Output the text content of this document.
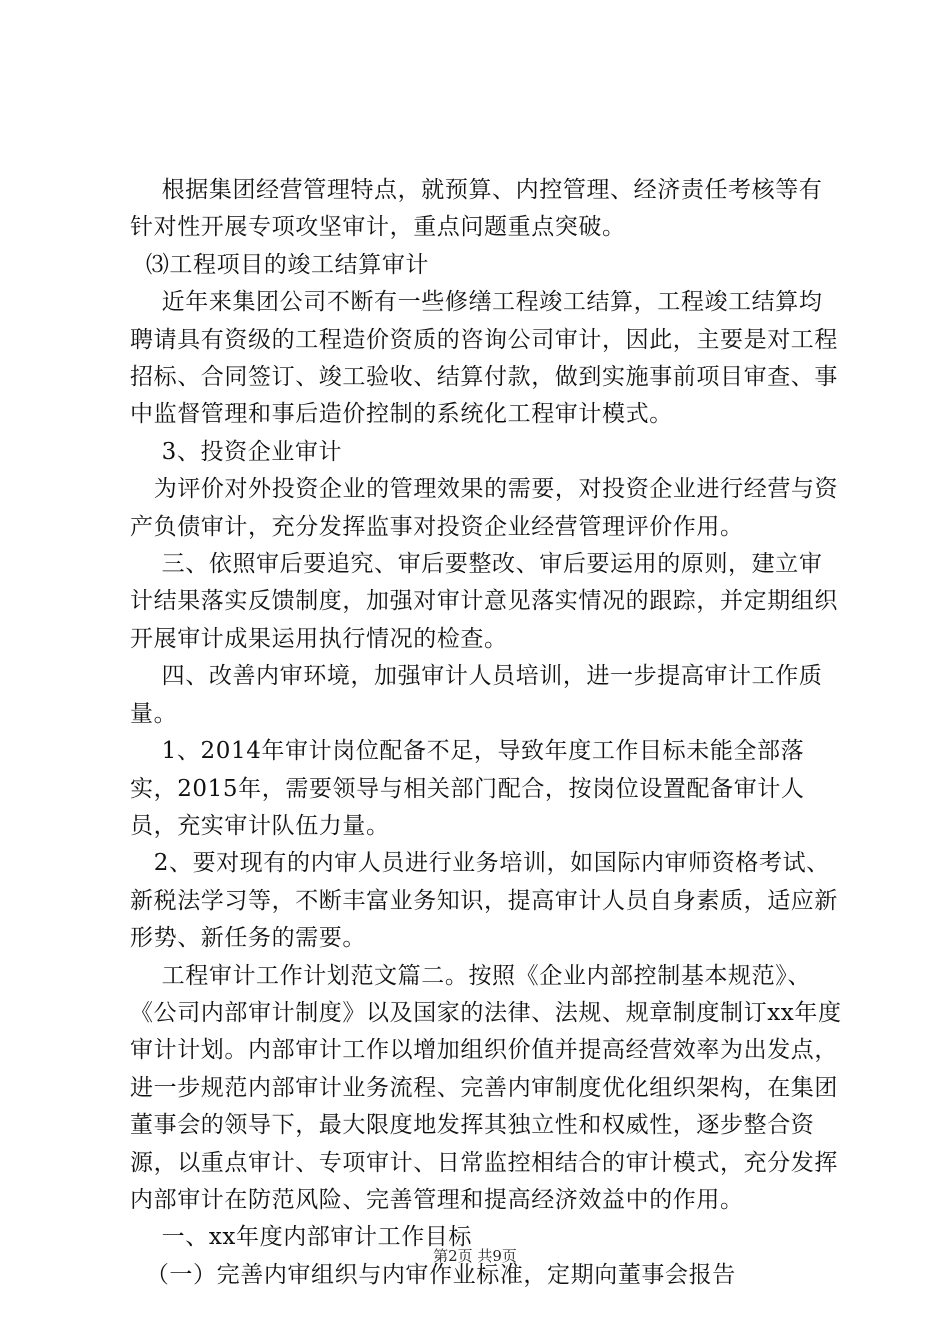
根据集团经营管理特点，就预算、内控管理、经济责任考核等有针对性开展专项攻坚审计，重点问题重点突破。

⑶工程项目的竣工结算审计

近年来集团公司不断有一些修缮工程竣工结算，工程竣工结算均聘请具有资级的工程造价资质的咨询公司审计，因此，主要是对工程招标、合同签订、竣工验收、结算付款，做到实施事前项目审查、事中监督管理和事后造价控制的系统化工程审计模式。

3、投资企业审计

为评价对外投资企业的管理效果的需要，对投资企业进行经营与资产负债审计，充分发挥监事对投资企业经营管理评价作用。

三、依照审后要追究、审后要整改、审后要运用的原则，建立审计结果落实反馈制度，加强对审计意见落实情况的跟踪，并定期组织开展审计成果运用执行情况的检查。

四、改善内审环境，加强审计人员培训，进一步提高审计工作质量。

1、2014年审计岗位配备不足，导致年度工作目标未能全部落实，2015年，需要领导与相关部门配合，按岗位设置配备审计人员，充实审计队伍力量。

2、要对现有的内审人员进行业务培训，如国际内审师资格考试、新税法学习等，不断丰富业务知识，提高审计人员自身素质，适应新形势、新任务的需要。

工程审计工作计划范文篇二。按照《企业内部控制基本规范》、《公司内部审计制度》以及国家的法律、法规、规章制度制订xx年度审计计划。内部审计工作以增加组织价值并提高经营效率为出发点，进一步规范内部审计业务流程、完善内审制度优化组织架构，在集团董事会的领导下，最大限度地发挥其独立性和权威性，逐步整合资源，以重点审计、专项审计、日常监控相结合的审计模式，充分发挥内部审计在防范风险、完善管理和提高经济效益中的作用。

一、xx年度内部审计工作目标

（一）完善内审组织与内审作业标准，定期向董事会报告

第2页 共9页
